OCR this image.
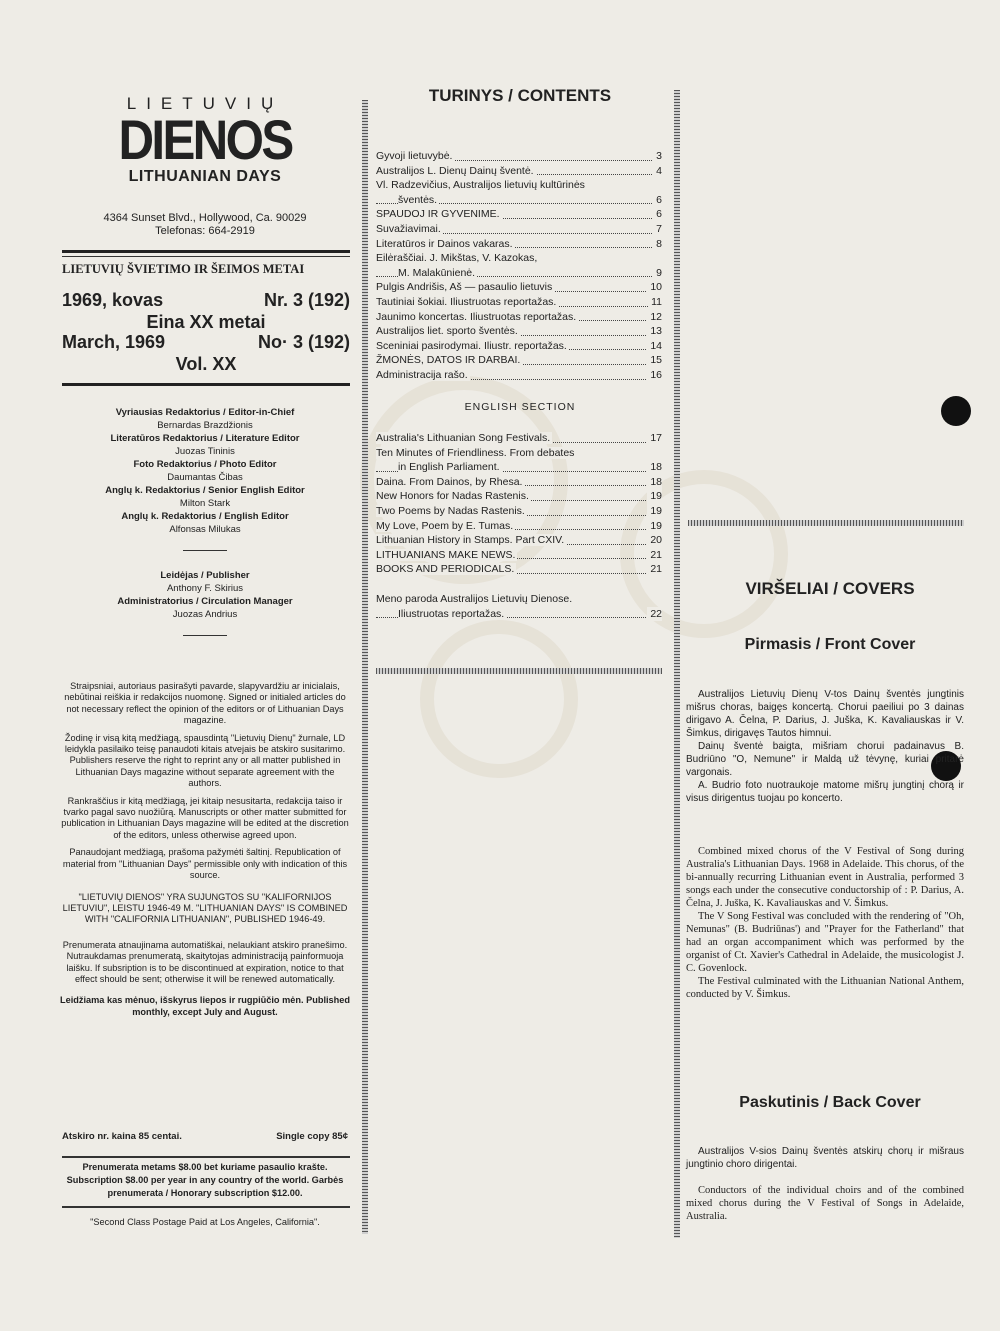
LIETUVIŲ
DIENOS
LITHUANIAN DAYS
4364 Sunset Blvd., Hollywood, Ca. 90029
Telefonas: 664-2919
LIETUVIŲ ŠVIETIMO IR ŠEIMOS METAI
1969, kovas	Nr. 3 (192)
Eina XX metai
March, 1969	No· 3 (192)
Vol. XX
Vyriausias Redaktorius / Editor-in-Chief
Bernardas Brazdžionis
Literatūros Redaktorius / Literature Editor
Juozas Tininis
Foto Redaktorius / Photo Editor
Daumantas Čibas
Anglų k. Redaktorius / Senior English Editor
Milton Stark
Anglų k. Redaktorius / English Editor
Alfonsas Milukas
Leidėjas / Publisher
Anthony F. Skirius
Administratorius / Circulation Manager
Juozas Andrius

Straipsniai, autoriaus pasirašyti pavarde, slapyvardžiu ar inicialais, nebūtinai reiškia ir redakcijos nuomonę. Signed or initialed articles do not necessary reflect the opinion of the editors or of Lithuanian Days magazine.

Žodinę ir visą kitą medžiagą, spausdintą "Lietuvių Dienų" žurnale, LD leidykla pasilaiko teisę panaudoti kitais atvejais be atskiro susitarimo. Publishers reserve the right to reprint any or all matter published in Lithuanian Days magazine without separate agreement with the authors.

Rankraščius ir kitą medžiagą, jei kitaip nesusitarta, redakcija taiso ir tvarko pagal savo nuožiūrą. Manuscripts or other matter submitted for publication in Lithuanian Days magazine will be edited at the discretion of the editors, unless otherwise agreed upon.

Panaudojant medžiagą, prašoma pažymėti šaltinį. Republication of material from "Lithuanian Days" permissible only with indication of this source.

"LIETUVIŲ DIENOS" YRA SUJUNGTOS SU "KALIFORNIJOS LIETUVIU", LEISTU 1946-49 M. "LITHUANIAN DAYS" IS COMBINED WITH "CALIFORNIA LITHUANIAN", PUBLISHED 1946-49.

Prenumerata atnaujinama automatiškai, nelaukiant atskiro pranešimo. Nutraukdamas prenumeratą, skaitytojas administraciją painformuoja laišku. If subsription is to be discontinued at expiration, notice to that effect should be sent; otherwise it will be renewed automatically.

Leidžiama kas mėnuo, išskyrus liepos ir rugpiūčio mėn. Published monthly, except July and August.

Atskiro nr. kaina 85 centai.	Single copy 85¢
Prenumerata metams $8.00 bet kuriame pasaulio krašte. Subscription $8.00 per year in any country of the world. Garbės prenumerata / Honorary subscription $12.00.
"Second Class Postage Paid at Los Angeles, California".
TURINYS / CONTENTS
Gyvoji lietuvybė.	3
Australijos L. Dienų Dainų šventė.	4
Vl. Radzevičius, Australijos lietuvių kultūrinės
šventės.	6
SPAUDOJ IR GYVENIME.	6
Suvažiavimai.	7
Literatūros ir Dainos vakaras.	8
Eilėraščiai. J. Mikštas, V. Kazokas,
M. Malakūnienė.	9
Pulgis Andrišis, Aš — pasaulio lietuvis	10
Tautiniai šokiai. Iliustruotas reportažas.	11
Jaunimo koncertas. Iliustruotas reportažas.	12
Australijos liet. sporto šventės.	13
Sceniniai pasirodymai. Iliustr. reportažas.	14
ŽMONĖS, DATOS IR DARBAI.	15
Administracija rašo.	16
ENGLISH SECTION
Australia's Lithuanian Song Festivals.	17
Ten Minutes of Friendliness. From debates
in English Parliament.	18
Daina. From Dainos, by Rhesa.	18
New Honors for Nadas Rastenis.	19
Two Poems by Nadas Rastenis.	19
My Love, Poem by E. Tumas.	19
Lithuanian History in Stamps. Part CXIV.	20
LITHUANIANS MAKE NEWS.	21
BOOKS AND PERIODICALS.	21
Meno paroda Australijos Lietuvių Dienose.
Iliustruotas reportažas.	22
VIRŠELIAI / COVERS
Pirmasis / Front Cover

Australijos Lietuvių Dienų V-tos Dainų šventės jungtinis mišrus choras, baigęs koncertą. Chorui paeiliui po 3 dainas dirigavo A. Čelna, P. Darius, J. Juška, K. Kavaliauskas ir V. Šimkus, dirigavęs Tautos himnui.

Dainų šventė baigta, mišriam chorui padainavus B. Budriūno "O, Nemune" ir Maldą už tėvynę, kuriai pritarė vargonais.

A. Budrio foto nuotraukoje matome mišrų jungtinį chorą ir visus dirigentus tuojau po koncerto.

Combined mixed chorus of the V Festival of Song during Australia's Lithuanian Days. 1968 in Adelaide. This chorus, of the bi-annually recurring Lithuanian event in Australia, performed 3 songs each under the consecutive conductorship of : P. Darius, A. Čelna, J. Juška, K. Kavaliauskas and V. Šimkus.

The V Song Festival was concluded with the rendering of "Oh, Nemunas" (B. Budriūnas') and "Prayer for the Fatherland" that had an organ accompaniment which was performed by the organist of Ct. Xavier's Cathedral in Adelaide, the musicologist J. C. Govenlock.

The Festival culminated with the Lithuanian National Anthem, conducted by V. Šimkus.

Paskutinis / Back Cover
Australijos V-sios Dainų šventės atskirų chorų ir mišraus jungtinio choro dirigentai.
Conductors of the individual choirs and of the combined mixed chorus during the V Festival of Songs in Adelaide, Australia.
